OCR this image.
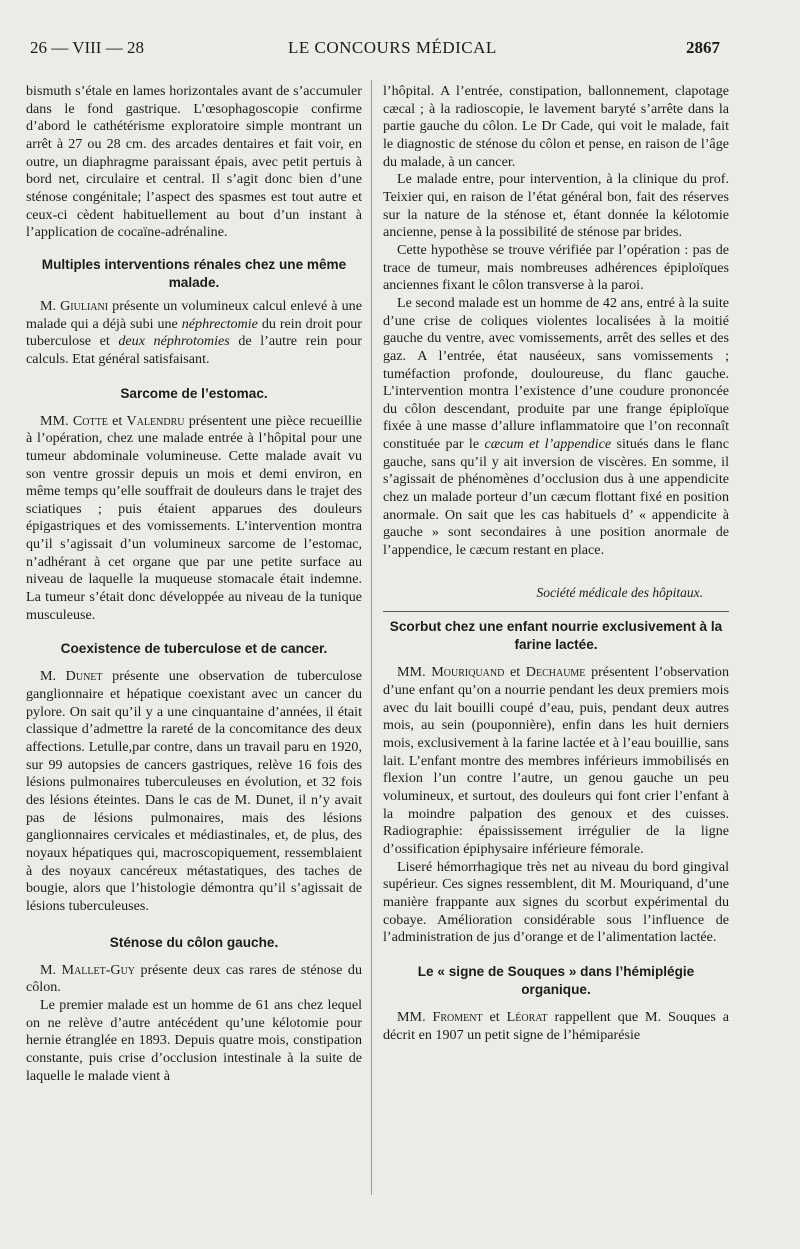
26 — VIII — 28	LE CONCOURS MÉDICAL	2867

bismuth s’étale en lames horizontales avant de s’accumuler dans le fond gastrique. L’œsophagoscopie confirme d’abord le cathétérisme exploratoire simple montrant un arrêt à 27 ou 28 cm. des arcades dentaires et fait voir, en outre, un diaphragme paraissant épais, avec petit pertuis à bord net, circulaire et central. Il s’agit donc bien d’une sténose congénitale; l’aspect des spasmes est tout autre et ceux-ci cèdent habituellement au bout d’un instant à l’application de cocaïne-adrénaline.

Multiples interventions rénales chez une même malade.

M. Giuliani présente un volumineux calcul enlevé à une malade qui a déjà subi une néphrectomie du rein droit pour tuberculose et deux néphrotomies de l’autre rein pour calculs. Etat général satisfaisant.

Sarcome de l’estomac.

MM. Cotte et Valendru présentent une pièce recueillie à l’opération, chez une malade entrée à l’hôpital pour une tumeur abdominale volumineuse. Cette malade avait vu son ventre grossir depuis un mois et demi environ, en même temps qu’elle souffrait de douleurs dans le trajet des sciatiques ; puis étaient apparues des douleurs épigastriques et des vomissements. L’intervention montra qu’il s’agissait d’un volumineux sarcome de l’estomac, n’adhérant à cet organe que par une petite surface au niveau de laquelle la muqueuse stomacale était indemne. La tumeur s’était donc développée au niveau de la tunique musculeuse.

Coexistence de tuberculose et de cancer.

M. Dunet présente une observation de tuberculose ganglionnaire et hépatique coexistant avec un cancer du pylore. On sait qu’il y a une cinquantaine d’années, il était classique d’admettre la rareté de la concomitance des deux affections. Letulle,par contre, dans un travail paru en 1920, sur 99 autopsies de cancers gastriques, relève 16 fois des lésions pulmonaires tuberculeuses en évolution, et 32 fois des lésions éteintes. Dans le cas de M. Dunet, il n’y avait pas de lésions pulmonaires, mais des lésions ganglionnaires cervicales et médiastinales, et, de plus, des noyaux hépatiques qui, macroscopiquement, ressemblaient à des noyaux cancéreux métastatiques, des taches de bougie, alors que l’histologie démontra qu’il s’agissait de lésions tuberculeuses.

Sténose du côlon gauche.

M. Mallet-Guy présente deux cas rares de sténose du côlon.

Le premier malade est un homme de 61 ans chez lequel on ne relève d’autre antécédent qu’une kélotomie pour hernie étranglée en 1893. Depuis quatre mois, constipation constante, puis crise d’occlusion intestinale à la suite de laquelle le malade vient à

l’hôpital. A l’entrée, constipation, ballonnement, clapotage cæcal ; à la radioscopie, le lavement baryté s’arrête dans la partie gauche du côlon. Le Dr Cade, qui voit le malade, fait le diagnostic de sténose du côlon et pense, en raison de l’âge du malade, à un cancer.

Le malade entre, pour intervention, à la clinique du prof. Teixier qui, en raison de l’état général bon, fait des réserves sur la nature de la sténose et, étant donnée la kélotomie ancienne, pense à la possibilité de sténose par brides.

Cette hypothèse se trouve vérifiée par l’opération : pas de trace de tumeur, mais nombreuses adhérences épiploïques anciennes fixant le côlon transverse à la paroi.

Le second malade est un homme de 42 ans, entré à la suite d’une crise de coliques violentes localisées à la moitié gauche du ventre, avec vomissements, arrêt des selles et des gaz. A l’entrée, état nauséeux, sans vomissements ; tuméfaction profonde, douloureuse, du flanc gauche. L’intervention montra l’existence d’une coudure prononcée du côlon descendant, produite par une frange épiploïque fixée à une masse d’allure inflammatoire que l’on reconnaît constituée par le cæcum et l’appendice situés dans le flanc gauche, sans qu’il y ait inversion de viscères. En somme, il s’agissait de phénomènes d’occlusion dus à une appendicite chez un malade porteur d’un cæcum flottant fixé en position anormale. On sait que les cas habituels d’ « appendicite à gauche » sont secondaires à une position anormale de l’appendice, le cæcum restant en place.

Société médicale des hôpitaux.

Scorbut chez une enfant nourrie exclusivement à la farine lactée.

MM. Mouriquand et Dechaume présentent l’observation d’une enfant qu’on a nourrie pendant les deux premiers mois avec du lait bouilli coupé d’eau, puis, pendant deux autres mois, au sein (pouponnière), enfin dans les huit derniers mois, exclusivement à la farine lactée et à l’eau bouillie, sans lait. L’enfant montre des membres inférieurs immobilisés en flexion l’un contre l’autre, un genou gauche un peu volumineux, et surtout, des douleurs qui font crier l’enfant à la moindre palpation des genoux et des cuisses. Radiographie: épaississement irrégulier de la ligne d’ossification épiphysaire inférieure fémorale.

Liseré hémorrhagique très net au niveau du bord gingival supérieur. Ces signes ressemblent, dit M. Mouriquand, d’une manière frappante aux signes du scorbut expérimental du cobaye. Amélioration considérable sous l’influence de l’administration de jus d’orange et de l’alimentation lactée.

Le « signe de Souques » dans l’hémiplégie organique.

MM. Froment et Léorat rappellent que M. Souques a décrit en 1907 un petit signe de l’hémiparésie
